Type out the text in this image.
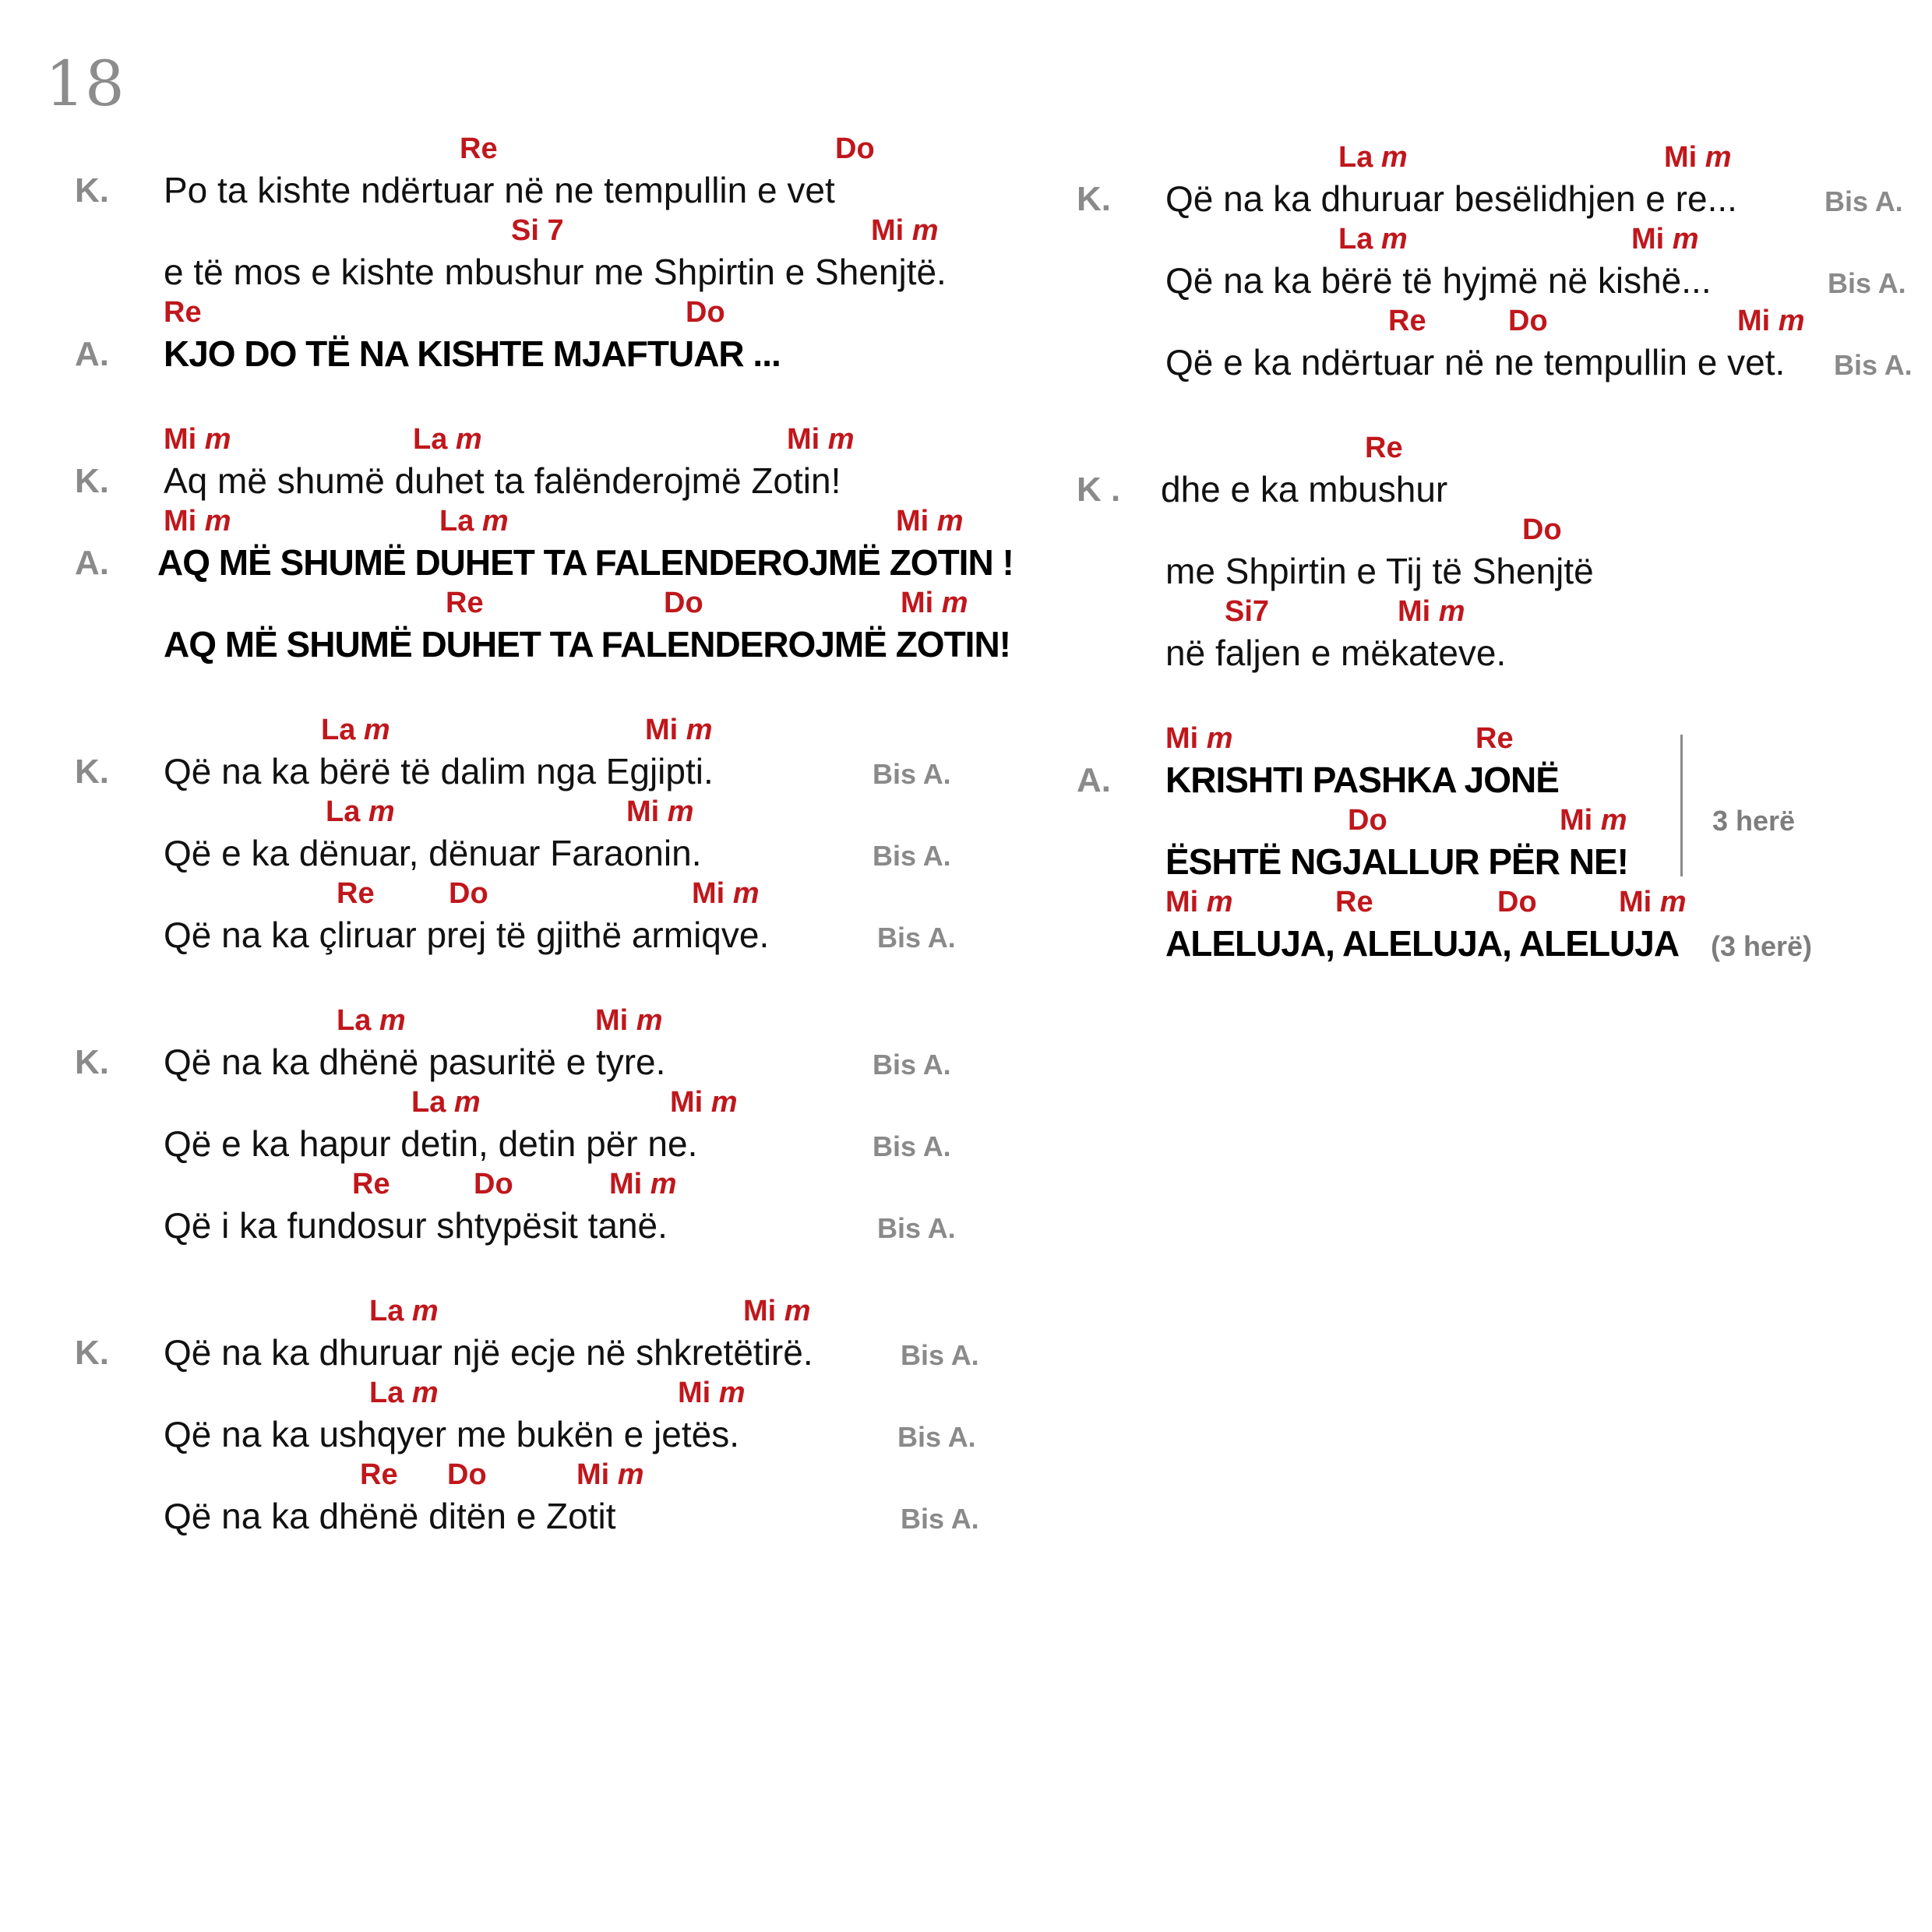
18
Re	Do
K. Po ta kishte ndërtuar në ne tempullin e vet
Si 7	Mi m
e të mos e kishte mbushur me Shpirtin e Shenjtë.
Re	Do
A. KJO DO TË NA KISHTE MJAFTUAR ...
Mi m	La m	Mi m
K. Aq më shumë duhet ta falënderojmë Zotin!
Mi m	La m	Mi m
A. AQ MË SHUMË DUHET TA FALENDEROJMË ZOTIN !
Re	Do	Mi m
AQ MË SHUMË DUHET TA FALENDEROJMË ZOTIN!
La m	Mi m
K. Që na ka bërë të dalim nga Egjipti.	Bis A.
La m	Mi m
Që e ka dënuar, dënuar Faraonin.	Bis A.
Re	Do	Mi m
Që na ka çliruar prej të gjithë armiqve.	Bis A.
La m	Mi m
K. Që na ka dhënë pasuritë e tyre.	Bis A.
La m	Mi m
Që e ka hapur detin, detin për ne.	Bis A.
Re	Do	Mi m
Që i ka fundosur shtypësit tanë.	Bis A.
La m	Mi m
K. Që na ka dhuruar një ecje në shkretëtirë.	Bis A.
La m	Mi m
Që na ka ushqyer me bukën e jetës.	Bis A.
Re Do	Mi m
Që na ka dhënë ditën e Zotit	Bis A.
La m	Mi m
K. Që na ka dhuruar besëlidhjen e re...	Bis A.
La m	Mi m
Që na ka bërë të hyjmë në kishë...	Bis A.
Re	Do	Mi m
Që e ka ndërtuar në ne tempullin e vet. Bis A.
Re
K . dhe e ka mbushur
Do
me Shpirtin e Tij të Shenjtë
Si7	Mi m
në faljen e mëkateve.
Mi m	Re
A. KRISHTI PASHKA JONË
Do	Mi m
ËSHTË NGJALLUR PËR NE!
3 herë
Mi m	Re	Do	Mi m
ALELUJA, ALELUJA, ALELUJA (3 herë)
